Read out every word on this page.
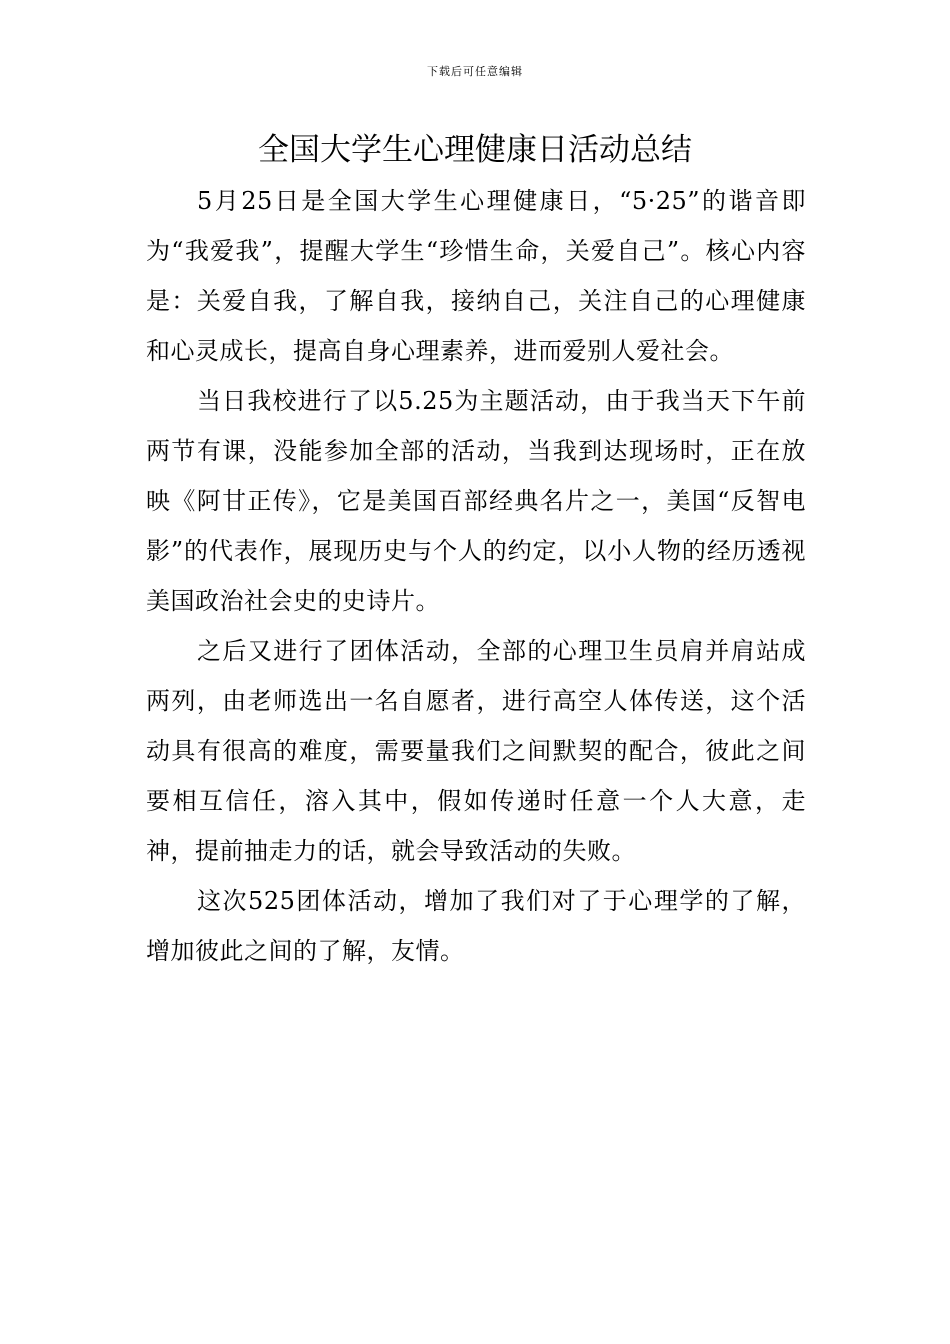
下载后可任意编辑
全国大学生心理健康日活动总结

5月25日是全国大学生心理健康日，“5·25”的谐音即为“我爱我”，提醒大学生“珍惜生命，关爱自己”。核心内容是：关爱自我，了解自我，接纳自己，关注自己的心理健康和心灵成长，提高自身心理素养，进而爱别人爱社会。

当日我校进行了以5.25为主题活动，由于我当天下午前两节有课，没能参加全部的活动，当我到达现场时，正在放映《阿甘正传》，它是美国百部经典名片之一，美国“反智电影”的代表作，展现历史与个人的约定，以小人物的经历透视美国政治社会史的史诗片。

之后又进行了团体活动，全部的心理卫生员肩并肩站成两列，由老师选出一名自愿者，进行高空人体传送，这个活动具有很高的难度，需要量我们之间默契的配合，彼此之间要相互信任，溶入其中，假如传递时任意一个人大意，走神，提前抽走力的话，就会导致活动的失败。

这次525团体活动，增加了我们对了于心理学的了解，增加彼此之间的了解，友情。
